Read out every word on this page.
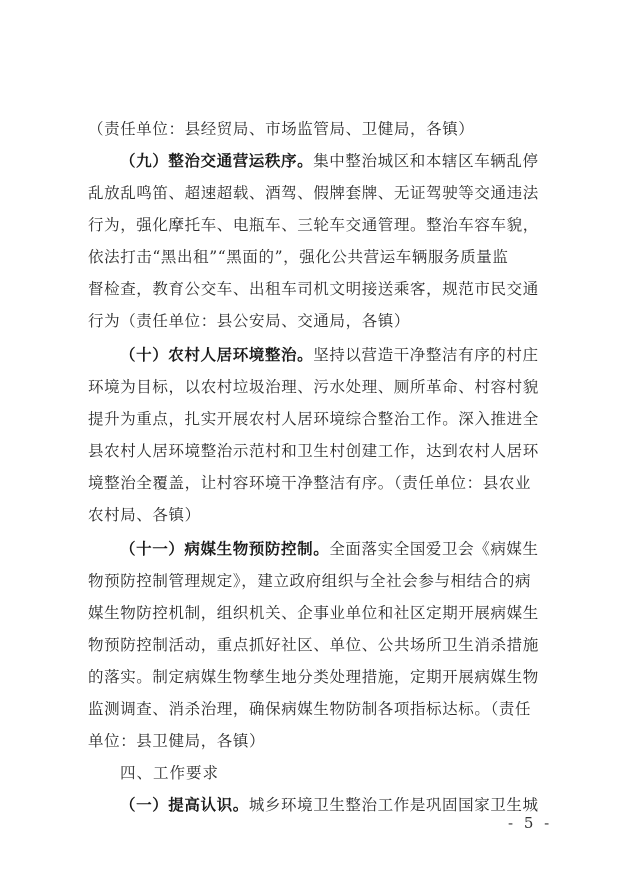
（责任单位：县经贸局、市场监管局、卫健局，各镇）
（九）整治交通营运秩序。集中整治城区和本辖区车辆乱停
乱放乱鸣笛、超速超载、酒驾、假牌套牌、无证驾驶等交通违法
行为，强化摩托车、电瓶车、三轮车交通管理。整治车容车貌，
依法打击“黑出租”“黑面的”，强化公共营运车辆服务质量监
督检查，教育公交车、出租车司机文明接送乘客，规范市民交通
行为（责任单位：县公安局、交通局，各镇）
（十）农村人居环境整治。坚持以营造干净整洁有序的村庄
环境为目标，以农村垃圾治理、污水处理、厕所革命、村容村貌
提升为重点，扎实开展农村人居环境综合整治工作。深入推进全
县农村人居环境整治示范村和卫生村创建工作，达到农村人居环
境整治全覆盖，让村容环境干净整洁有序。（责任单位：县农业
农村局、各镇）
（十一）病媒生物预防控制。全面落实全国爱卫会《病媒生
物预防控制管理规定》，建立政府组织与全社会参与相结合的病
媒生物防控机制，组织机关、企事业单位和社区定期开展病媒生
物预防控制活动，重点抓好社区、单位、公共场所卫生消杀措施
的落实。制定病媒生物孳生地分类处理措施，定期开展病媒生物
监测调查、消杀治理，确保病媒生物防制各项指标达标。（责任
单位：县卫健局，各镇）
四、工作要求
（一）提高认识。城乡环境卫生整治工作是巩固国家卫生城
- 5 -
